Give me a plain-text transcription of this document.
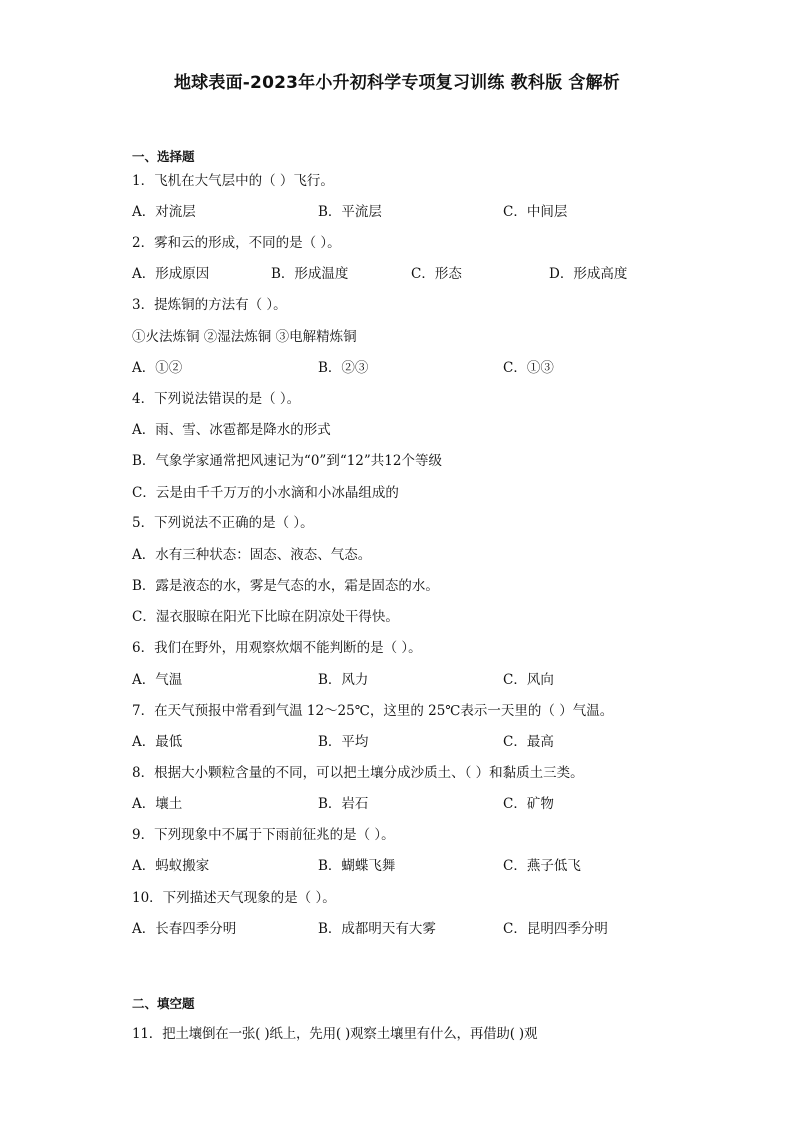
地球表面-2023年小升初科学专项复习训练 教科版 含解析
一、选择题
1．飞机在大气层中的（ ）飞行。
A．对流层	B．平流层	C．中间层
2．雾和云的形成，不同的是（ ）。
A．形成原因	B．形成温度	C．形态	D．形成高度
3．提炼铜的方法有（ ）。
①火法炼铜 ②湿法炼铜 ③电解精炼铜
A．①②	B．②③	C．①③
4．下列说法错误的是（ ）。
A．雨、雪、冰雹都是降水的形式
B．气象学家通常把风速记为“0”到“12”共12个等级
C．云是由千千万万的小水滴和小冰晶组成的
5．下列说法不正确的是（ ）。
A．水有三种状态：固态、液态、气态。
B．露是液态的水，雾是气态的水，霜是固态的水。
C．湿衣服晾在阳光下比晾在阴凉处干得快。
6．我们在野外，用观察炊烟不能判断的是（ ）。
A．气温	B．风力	C．风向
7．在天气预报中常看到气温 12～25℃，这里的 25℃表示一天里的（ ）气温。
A．最低	B．平均	C．最高
8．根据大小颗粒含量的不同，可以把土壤分成沙质土、（ ）和黏质土三类。
A．壤土	B．岩石	C．矿物
9．下列现象中不属于下雨前征兆的是（ ）。
A．蚂蚁搬家	B．蝴蝶飞舞	C．燕子低飞
10．下列描述天气现象的是（ ）。
A．长春四季分明	B．成都明天有大雾	C．昆明四季分明
二、填空题
11．把土壤倒在一张( )纸上，先用( )观察土壤里有什么，再借助( )观
